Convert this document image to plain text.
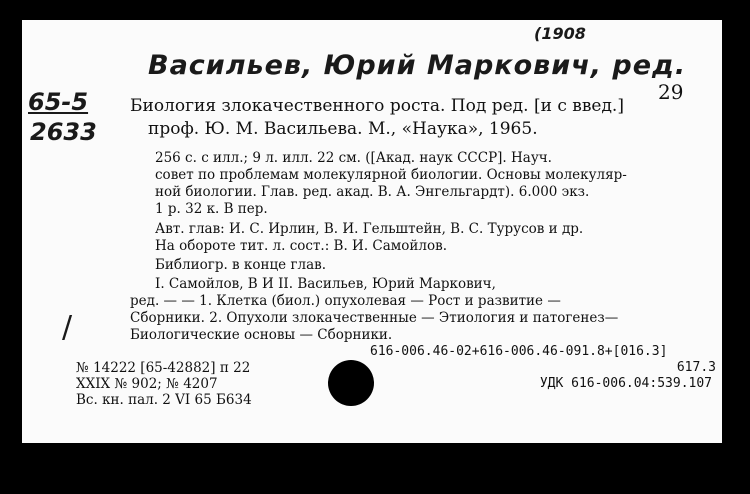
Васильев, Юрий Маркович, ред.
(1908
65-5
2633
/
29
Биология злокачественного роста. Под ред. [и с введ.]
проф. Ю. М. Васильева. М., «Наука», 1965.
256 с. с илл.; 9 л. илл. 22 см. ([Акад. наук СССР]. Науч.
совет по проблемам молекулярной биологии. Основы молекуляр-
ной биологии. Глав. ред. акад. В. А. Энгельгардт). 6.000 экз.
1 р. 32 к. В пер.
Авт. глав: И. С. Ирлин, В. И. Гельштейн, В. С. Турусов и др.
На обороте тит. л. сост.: В. И. Самойлов.
Библиогр. в конце глав.
I. Самойлов, В И II. Васильев, Юрий Маркович,
ред. — — 1. Клетка (биол.) опухолевая — Рост и развитие —
Сборники. 2. Опухоли злокачественные — Этиология и патогенез—
Биологические основы — Сборники.
616-006.46-02+616-006.46-091.8+[016.3]
№ 14222 [65-42882] п 22
XXIX № 902; № 4207
Вс. кн. пал. 2 VI 65 Б634
617.3
УДК 616-006.04:539.107
